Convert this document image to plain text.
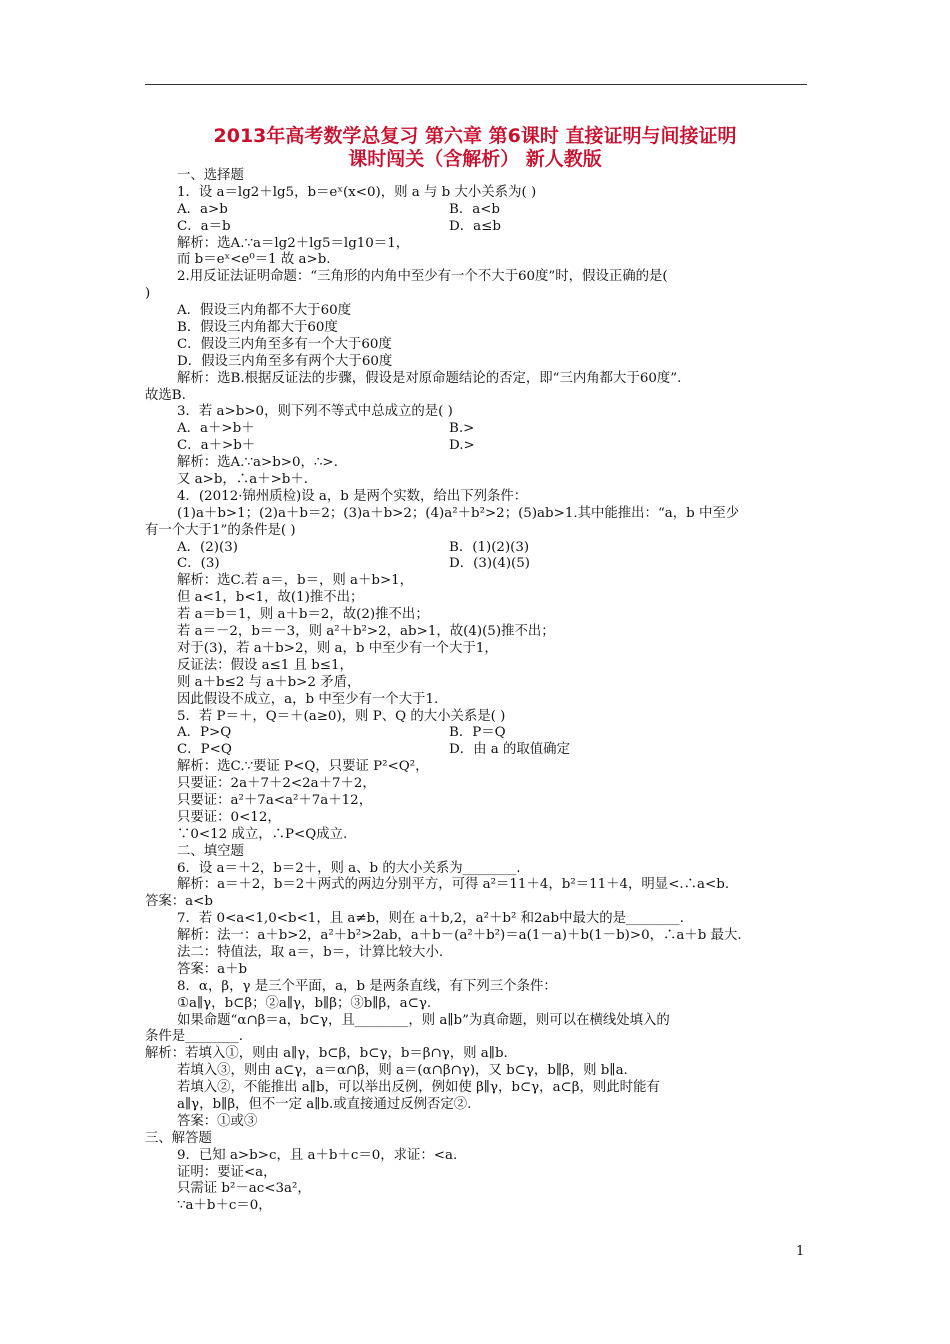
2013年高考数学总复习 第六章 第6课时 直接证明与间接证明
课时闯关（含解析） 新人教版
一、选择题
1．设 a＝lg2＋lg5，b＝eˣ(x<0)，则 a 与 b 大小关系为( )
A．a>b	B．a<b
C．a＝b	D．a≤b
解析：选A.∵a＝lg2＋lg5＝lg10＝1，
而 b＝eˣ<e⁰＝1 故 a>b.
2.用反证法证明命题：“三角形的内角中至少有一个不大于60度”时，假设正确的是(
)
A．假设三内角都不大于60度
B．假设三内角都大于60度
C．假设三内角至多有一个大于60度
D．假设三内角至多有两个大于60度
解析：选B.根据反证法的步骤，假设是对原命题结论的否定，即“三内角都大于60度”.
故选B.
3．若 a>b>0，则下列不等式中总成立的是( )
A．a＋>b＋	B.>
C．a＋>b＋	D.>
解析：选A.∵a>b>0，∴>.
又 a>b，∴a＋>b＋.
4．(2012·锦州质检)设 a，b 是两个实数，给出下列条件：
(1)a＋b>1；(2)a＋b＝2；(3)a＋b>2；(4)a²＋b²>2；(5)ab>1.其中能推出：“a，b 中至少
有一个大于1”的条件是( )
A．(2)(3)	B．(1)(2)(3)
C．(3)	D．(3)(4)(5)
解析：选C.若 a＝，b＝，则 a＋b>1，
但 a<1，b<1，故(1)推不出；
若 a＝b＝1，则 a＋b＝2，故(2)推不出；
若 a＝－2，b＝－3，则 a²＋b²>2，ab>1，故(4)(5)推不出；
对于(3)，若 a＋b>2，则 a，b 中至少有一个大于1，
反证法：假设 a≤1 且 b≤1，
则 a＋b≤2 与 a＋b>2 矛盾，
因此假设不成立，a，b 中至少有一个大于1.
5．若 P＝＋，Q＝＋(a≥0)，则 P、Q 的大小关系是( )
A．P>Q	B．P＝Q
C．P<Q	D．由 a 的取值确定
解析：选C.∵要证 P<Q，只要证 P²<Q²，
只要证：2a＋7＋2<2a＋7＋2，
只要证：a²＋7a<a²＋7a＋12，
只要证：0<12，
∵0<12 成立，∴P<Q成立.
二、填空题
6．设 a＝＋2，b＝2＋，则 a、b 的大小关系为________.
解析：a＝＋2，b＝2＋两式的两边分别平方，可得 a²＝11＋4，b²＝11＋4，明显<.∴a<b.
答案：a<b
7．若 0<a<1,0<b<1，且 a≠b，则在 a＋b,2，a²＋b² 和2ab中最大的是________.
解析：法一：a＋b>2，a²＋b²>2ab，a＋b－(a²＋b²)＝a(1－a)＋b(1－b)>0，∴a＋b 最大.
法二：特值法，取 a＝，b＝，计算比较大小.
答案：a＋b
8．α，β，γ 是三个平面，a，b 是两条直线，有下列三个条件：
①a∥γ，b⊂β；②a∥γ，b∥β；③b∥β，a⊂γ.
如果命题“α∩β＝a，b⊂γ，且________，则 a∥b”为真命题，则可以在横线处填入的
条件是________.
解析：若填入①，则由 a∥γ，b⊂β，b⊂γ，b＝β∩γ，则 a∥b.
若填入③，则由 a⊂γ，a＝α∩β，则 a＝(α∩β∩γ)，又 b⊂γ，b∥β，则 b∥a.
若填入②，不能推出 a∥b，可以举出反例，例如使 β∥γ，b⊂γ，a⊂β，则此时能有
a∥γ，b∥β，但不一定 a∥b.或直接通过反例否定②.
答案：①或③
三、解答题
9．已知 a>b>c，且 a＋b＋c＝0，求证：<a.
证明：要证<a，
只需证 b²－ac<3a²，
∵a＋b＋c＝0，
1
